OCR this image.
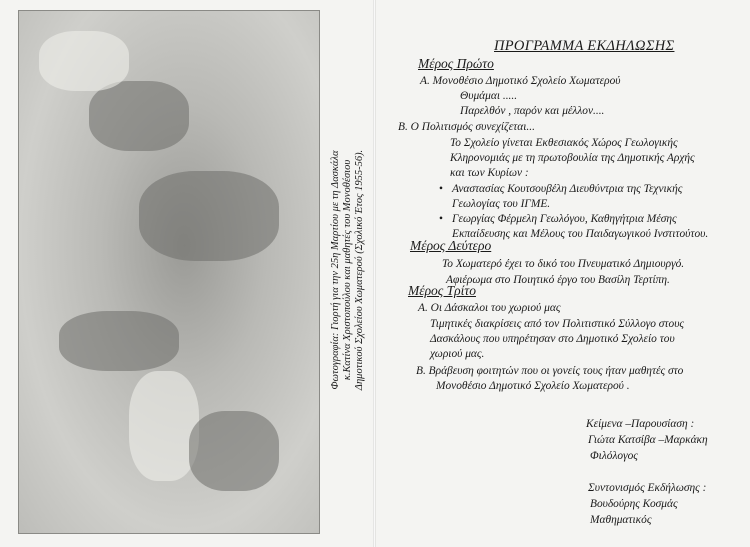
Φωτογραφία: Γιορτή για την 25η Μαρτίου με τη Δασκάλα κ.Κατίνα Χριστοπούλου και μαθητές του Μονοθέσιου Δημοτικού Σχολείου Χωματερού (Σχολικό Έτος 1955-56).
ΠΡΟΓΡΑΜΜΑ ΕΚΔΗΛΩΣΗΣ
Μέρος Πρώτο
Α. Μονοθέσιο Δημοτικό Σχολείο Χωματερού
Θυμάμαι .....
Παρελθόν , παρόν και μέλλον....
Β. Ο Πολιτισμός συνεχίζεται...
Το Σχολείο γίνεται Εκθεσιακός Χώρος Γεωλογικής
Κληρονομιάς με τη πρωτοβουλία της Δημοτικής Αρχής
και των Κυρίων :
• Αναστασίας Κουτσουβέλη Διευθύντρια της Τεχνικής
Γεωλογίας του ΙΓΜΕ.
• Γεωργίας Φέρμελη Γεωλόγου, Καθηγήτρια Μέσης
Εκπαίδευσης και Μέλους του Παιδαγωγικού Ινστιτούτου.
Μέρος Δεύτερο
Το Χωματερό έχει το δικό του Πνευματικό Δημιουργό.
Αφιέρωμα στο Ποιητικό έργο του Βασίλη Τερτίπη.
Μέρος Τρίτο
Α. Οι Δάσκαλοι του χωριού μας
Τιμητικές διακρίσεις από τον Πολιτιστικό Σύλλογο στους
Δασκάλους που υπηρέτησαν στο Δημοτικό Σχολείο του
χωριού μας.
Β. Βράβευση φοιτητών που οι γονείς τους ήταν μαθητές στο
Μονοθέσιο Δημοτικό Σχολείο Χωματερού .
Κείμενα –Παρουσίαση :
Γιώτα Κατσίβα –Μαρκάκη
Φιλόλογος
Συντονισμός Εκδήλωσης :
Βουδούρης Κοσμάς
Μαθηματικός
